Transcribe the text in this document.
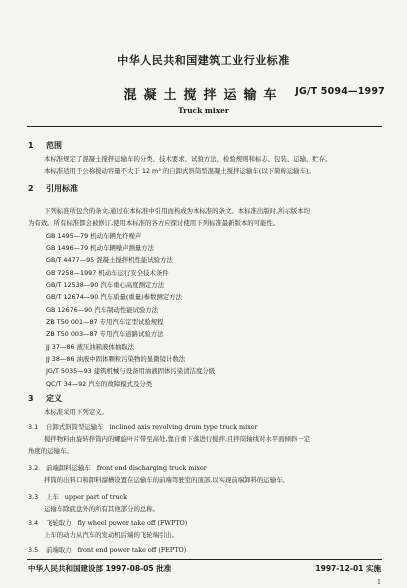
中华人民共和国建筑工业行业标准
混凝土搅拌运输车	JG/T 5094—1997
Truck mixer
1 范围
本标准规定了混凝土搅拌运输车的分类、技术要求、试验方法、检验规则和标志、包装、运输、贮存。
本标准适用于公称搅动容量不大于 12 m³ 的自卸式斜筒型混凝土搅拌运输车(以下简称运输车)。
2 引用标准
下列标准所包含的条文,通过在本标准中引用而构成为本标准的条文。本标准出版时,所示版本均
为有效。所有标准都会被修订,使用本标准的各方应探讨使用下列标准最新版本的可能性。
GB 1495—79 机动车辆允许噪声
GB 1496—79 机动车辆噪声测量方法
GB/T 4477—95 混凝土搅拌机性能试验方法
GB 7258—1997 机动车运行安全技术条件
GB/T 12538—90 汽车重心高度测定方法
GB/T 12674—90 汽车质量(重量)参数测定方法
GB 12676—90 汽车制动性能试验方法
ZB T50 001—87 专用汽车定型试验规程
ZB T50 003—87 专用汽车道路试验方法
JJ 37—86 液压油箱液体抽取法
JJ 38—86 油液中固体颗粒污染物的显微镜计数法
JG/T 5035—93 建筑机械与设备用油液固体污染清洁度分级
QC/T 34—92 汽车的故障模式及分类
3 定义
本标准采用下列定义。
3.1 自卸式斜筒型运输车 inclined axis revolving drum type truck mixer
搅拌物料由旋转拌筒内的螺旋叶片带至高处,靠自重下落进行搅拌,且拌筒轴线对水平面倾斜一定
角度的运输车。
3.2 前端卸料运输车 front end discharging truck mixer
拌筒的出料口和卸料溜槽设置在运输车的前端驾驶室的顶部,以实现前端卸料的运输车。
3.3 上车 upper part of truck
运输车除底盘外的所有其他部分的总称。
3.4 飞轮取力 fly wheel power take off (FWPTO)
上车的动力从汽车的发动机后端的飞轮端引出。
3.5 前端取力 front end power take off (FEPTO)
中华人民共和国建设部 1997-08-05 批准	1997-12-01 实施
1
